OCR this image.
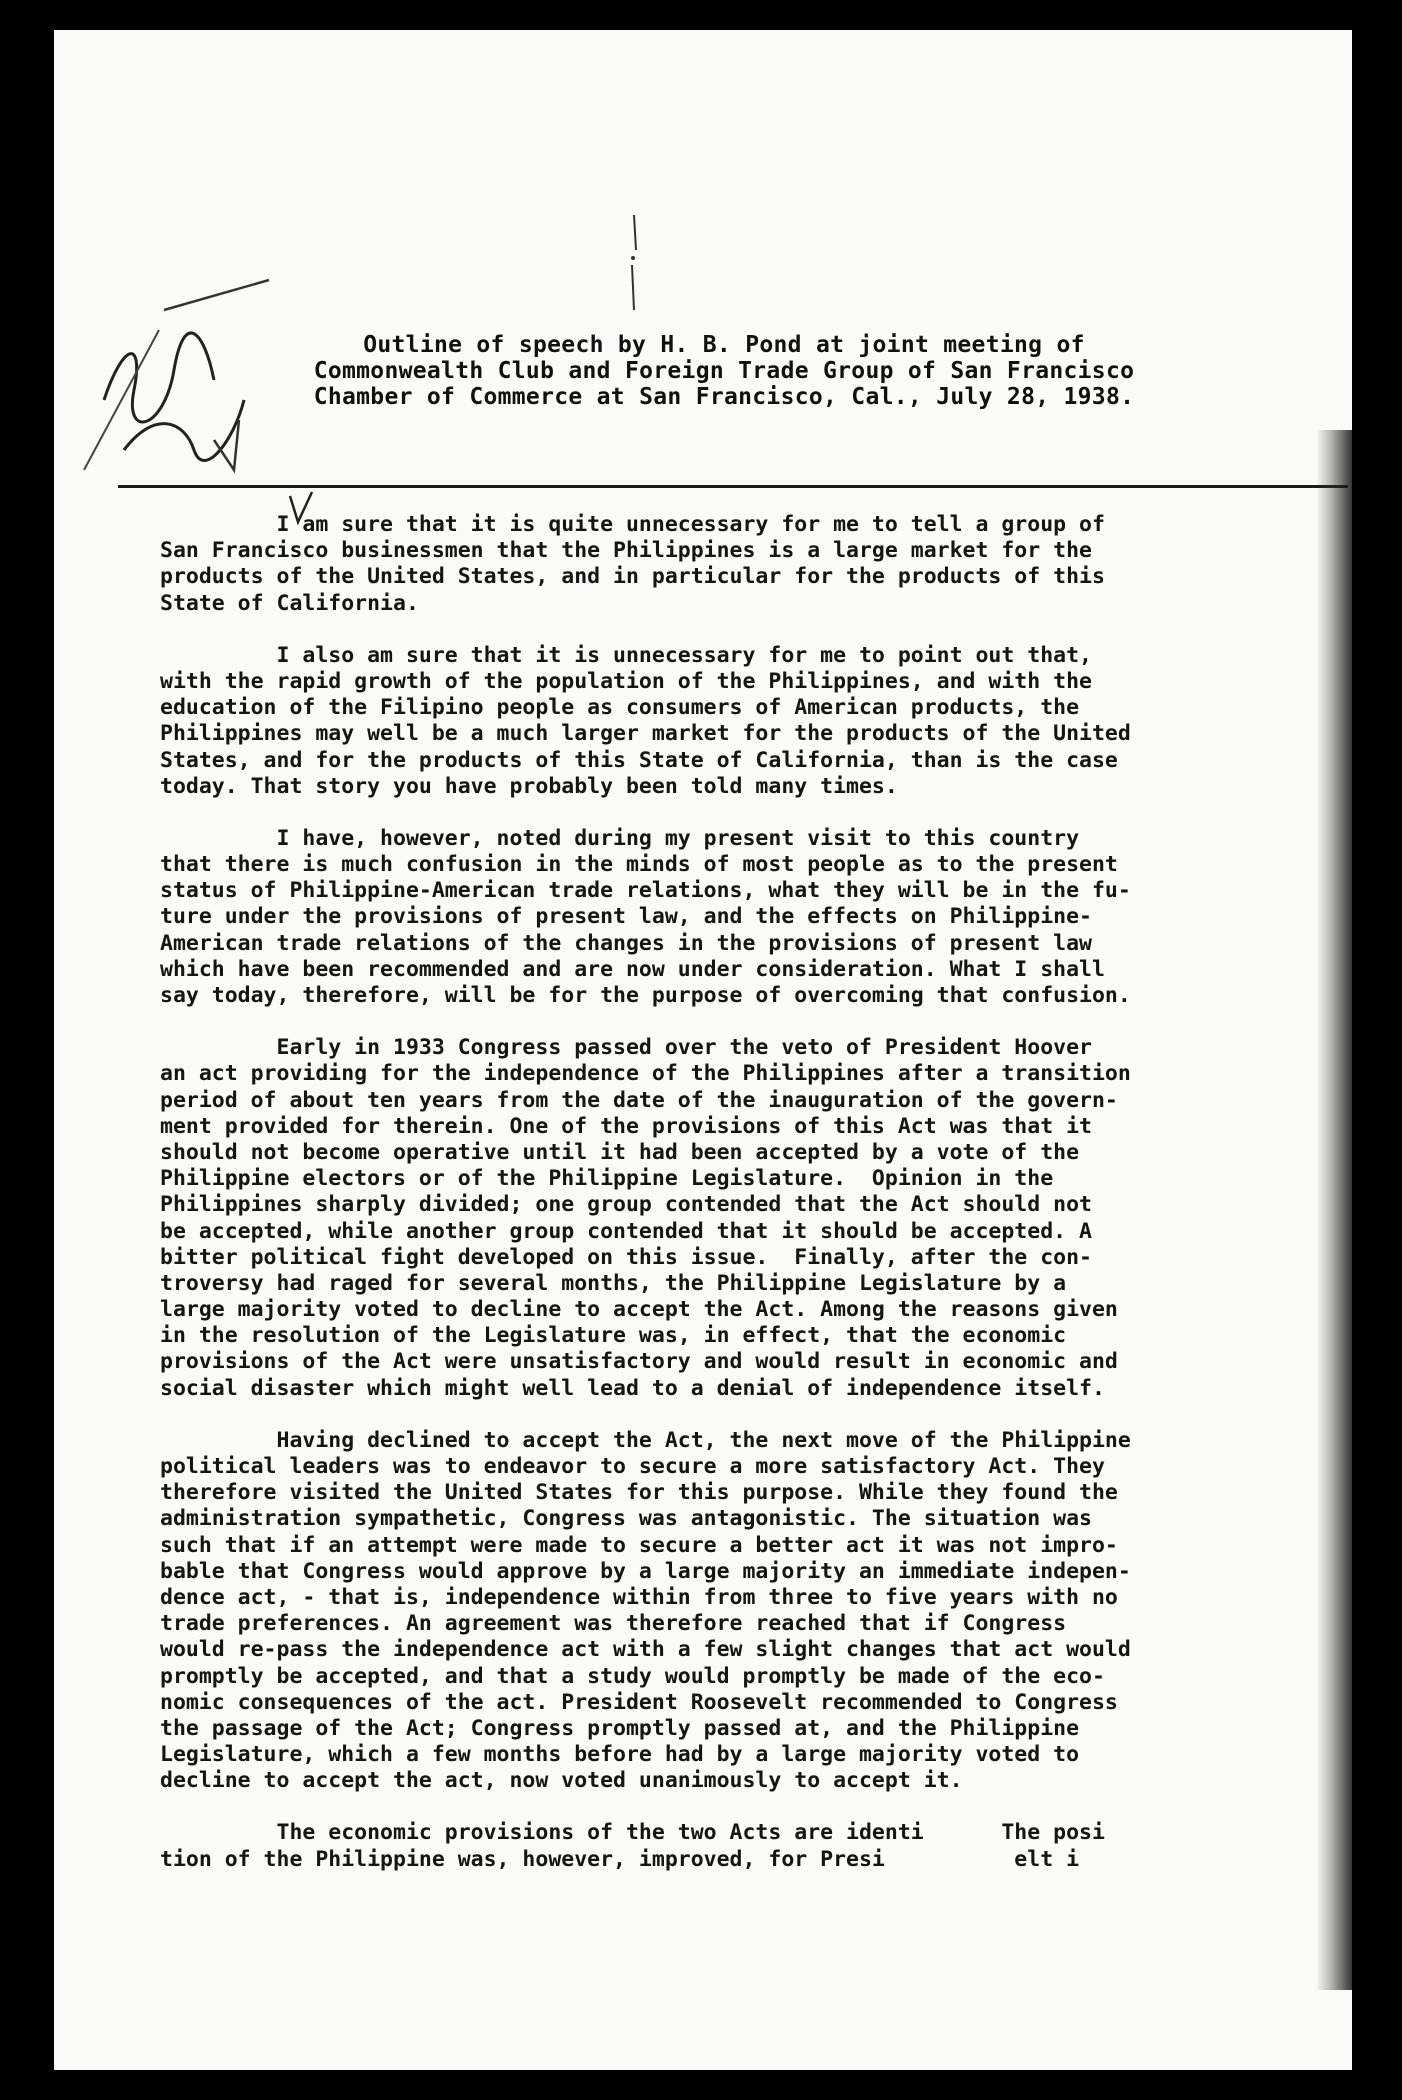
Outline of speech by H. B. Pond at joint meeting of
Commonwealth Club and Foreign Trade Group of San Francisco
Chamber of Commerce at San Francisco, Cal., July 28, 1938.
I am sure that it is quite unnecessary for me to tell a group of
San Francisco businessmen that the Philippines is a large market for the
products of the United States, and in particular for the products of this
State of California.
I also am sure that it is unnecessary for me to point out that,
with the rapid growth of the population of the Philippines, and with the
education of the Filipino people as consumers of American products, the
Philippines may well be a much larger market for the products of the United
States, and for the products of this State of California, than is the case
today. That story you have probably been told many times.
I have, however, noted during my present visit to this country
that there is much confusion in the minds of most people as to the present
status of Philippine-American trade relations, what they will be in the fu-
ture under the provisions of present law, and the effects on Philippine-
American trade relations of the changes in the provisions of present law
which have been recommended and are now under consideration. What I shall
say today, therefore, will be for the purpose of overcoming that confusion.
Early in 1933 Congress passed over the veto of President Hoover
an act providing for the independence of the Philippines after a transition
period of about ten years from the date of the inauguration of the govern-
ment provided for therein. One of the provisions of this Act was that it
should not become operative until it had been accepted by a vote of the
Philippine electors or of the Philippine Legislature.  Opinion in the
Philippines sharply divided; one group contended that the Act should not
be accepted, while another group contended that it should be accepted. A
bitter political fight developed on this issue.  Finally, after the con-
troversy had raged for several months, the Philippine Legislature by a
large majority voted to decline to accept the Act. Among the reasons given
in the resolution of the Legislature was, in effect, that the economic
provisions of the Act were unsatisfactory and would result in economic and
social disaster which might well lead to a denial of independence itself.
Having declined to accept the Act, the next move of the Philippine
political leaders was to endeavor to secure a more satisfactory Act. They
therefore visited the United States for this purpose. While they found the
administration sympathetic, Congress was antagonistic. The situation was
such that if an attempt were made to secure a better act it was not impro-
bable that Congress would approve by a large majority an immediate indepen-
dence act, - that is, independence within from three to five years with no
trade preferences. An agreement was therefore reached that if Congress
would re-pass the independence act with a few slight changes that act would
promptly be accepted, and that a study would promptly be made of the eco-
nomic consequences of the act. President Roosevelt recommended to Congress
the passage of the Act; Congress promptly passed at, and the Philippine
Legislature, which a few months before had by a large majority voted to
decline to accept the act, now voted unanimously to accept it.
The economic provisions of the two Acts are identi      The posi
tion of the Philippine was, however, improved, for Presi          elt i
